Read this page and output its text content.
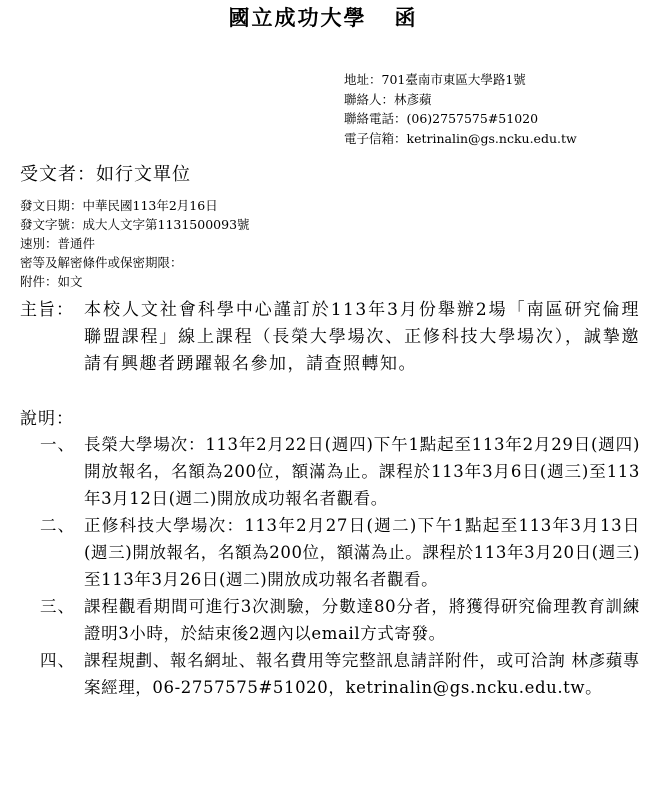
國立成功大學 函
地址：701臺南市東區大學路1號
聯絡人：林彥蘋
聯絡電話：(06)2757575#51020
電子信箱：ketrinalin@gs.ncku.edu.tw
受文者：如行文單位
發文日期：中華民國113年2月16日
發文字號：成大人文字第1131500093號
速別：普通件
密等及解密條件或保密期限：
附件：如文
主旨： 本校人文社會科學中心謹訂於113年3月份舉辦2場「南區研究倫理聯盟課程」線上課程（長榮大學場次、正修科技大學場次），誠摯邀請有興趣者踴躍報名參加，請查照轉知。
說明：
一、 長榮大學場次：113年2月22日(週四)下午1點起至113年2月29日(週四)開放報名，名額為200位，額滿為止。課程於113年3月6日(週三)至113年3月12日(週二)開放成功報名者觀看。
二、 正修科技大學場次：113年2月27日(週二)下午1點起至113年3月13日(週三)開放報名，名額為200位，額滿為止。課程於113年3月20日(週三)至113年3月26日(週二)開放成功報名者觀看。
三、 課程觀看期間可進行3次測驗，分數達80分者，將獲得研究倫理教育訓練證明3小時，於結束後2週內以email方式寄發。
四、 課程規劃、報名網址、報名費用等完整訊息請詳附件，或可洽詢 林彥蘋專案經理，06-2757575#51020，ketrinalin@gs.ncku.edu.tw。
